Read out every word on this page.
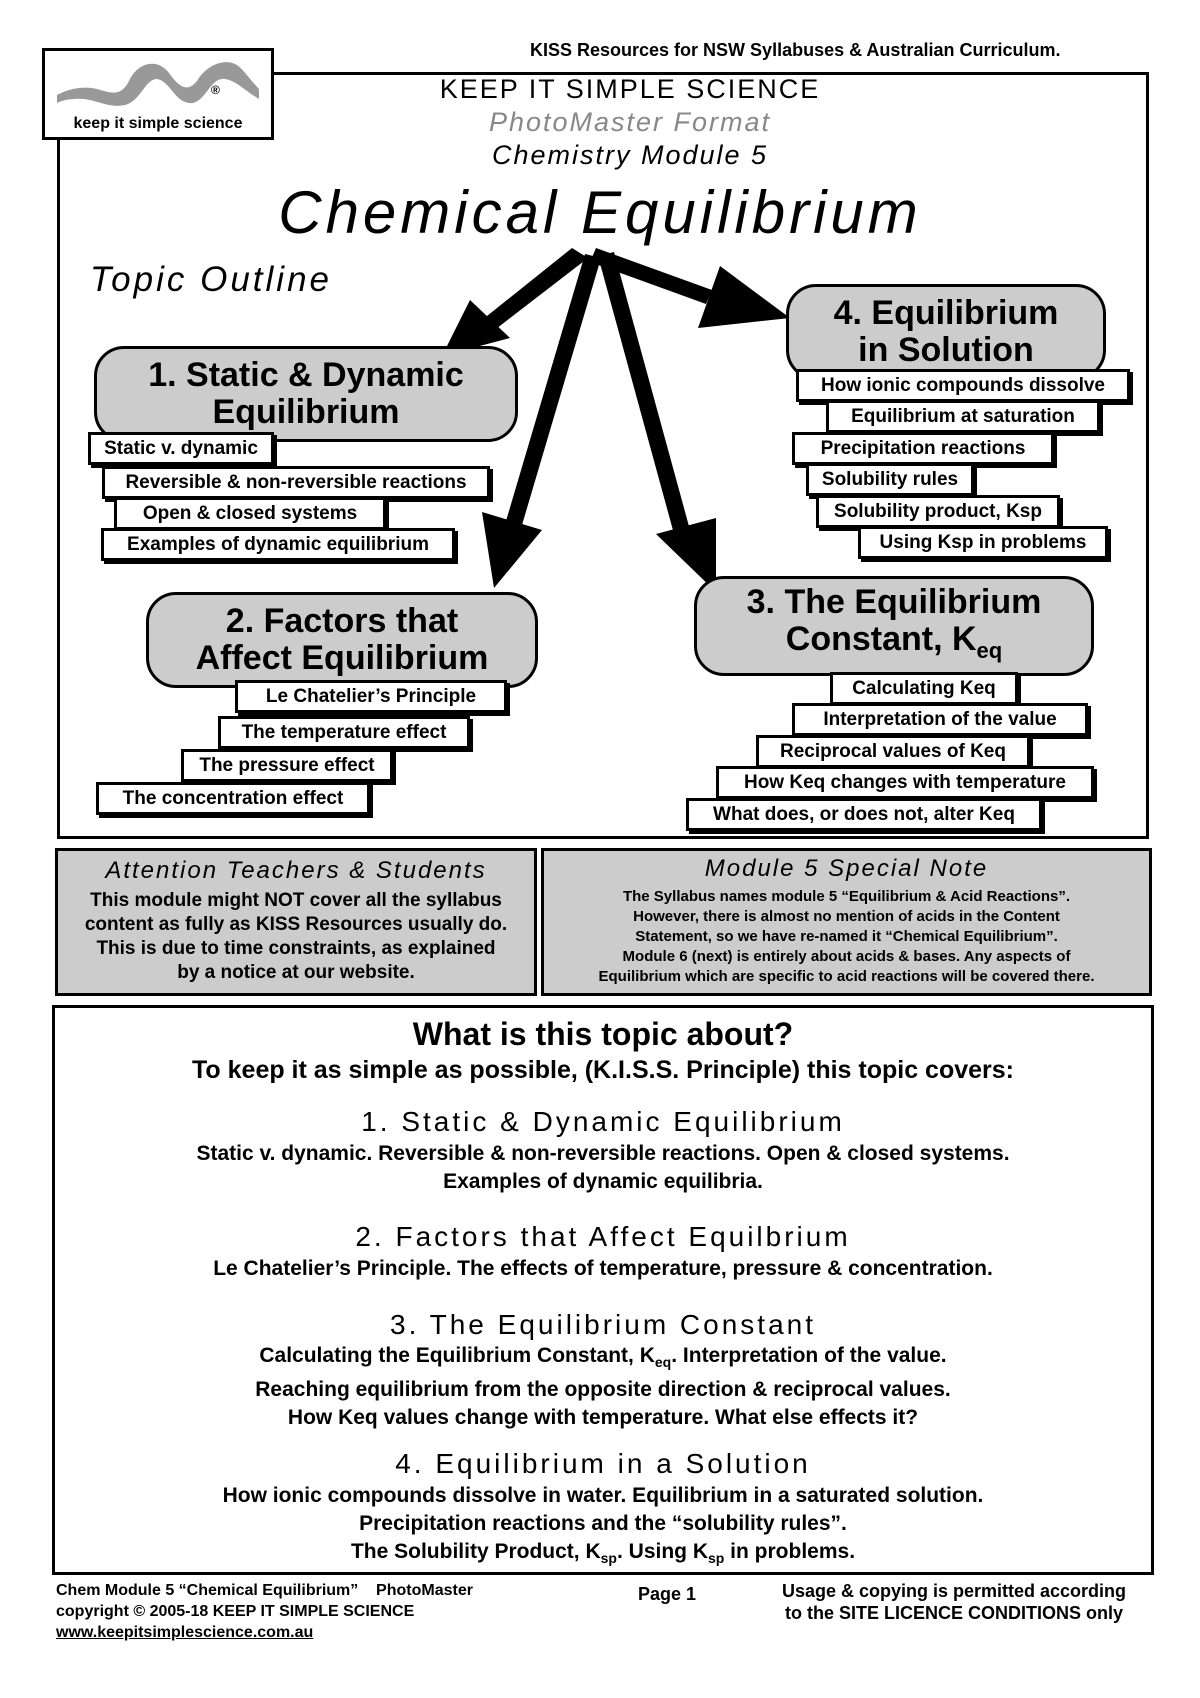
KISS Resources for NSW Syllabuses & Australian Curriculum.
®
keep it simple science
KEEP IT SIMPLE SCIENCE
PhotoMaster Format
Chemistry Module 5
Chemical Equilibrium
Topic Outline
1. Static & Dynamic
Equilibrium
Static v. dynamic
Reversible & non-reversible reactions
Open & closed systems
Examples of dynamic equilibrium
2. Factors that
Affect Equilibrium
Le Chatelier’s Principle
The temperature effect
The pressure effect
The concentration effect
3. The Equilibrium
Constant, $K_{eq}$
Calculating Keq
Interpretation of the value
Reciprocal values of Keq
How Keq changes with temperature
What does, or does not, alter Keq
4. Equilibrium
in Solution
How ionic compounds dissolve
Equilibrium at saturation
Precipitation reactions
Solubility rules
Solubility product, Ksp
Using Ksp in problems
Attention Teachers & Students
This module might NOT cover all the syllabus
content as fully as KISS Resources usually do.
This is due to time constraints, as explained
by a notice at our website.
Module 5 Special Note
The Syllabus names module 5 “Equilibrium & Acid Reactions”.
However, there is almost no mention of acids in the Content
Statement, so we have re-named it “Chemical Equilibrium”.
Module 6 (next) is entirely about acids & bases. Any aspects of
Equilibrium which are specific to acid reactions will be covered there.
What is this topic about?
To keep it as simple as possible, (K.I.S.S. Principle) this topic covers:
1. Static & Dynamic Equilibrium
Static v. dynamic. Reversible & non-reversible reactions. Open & closed systems.
Examples of dynamic equilibria.
2. Factors that Affect Equilbrium
Le Chatelier’s Principle. The effects of temperature, pressure & concentration.
3. The Equilibrium Constant
Calculating the Equilibrium Constant, $K_{eq}$. Interpretation of the value.
Reaching equilibrium from the opposite direction & reciprocal values.
How Keq values change with temperature. What else effects it?
4. Equilibrium in a Solution
How ionic compounds dissolve in water. Equilibrium in a saturated solution.
Precipitation reactions and the “solubility rules”.
The Solubility Product, $K_{sp}$. Using $K_{sp}$ in problems.
Chem Module 5 “Chemical Equilibrium”    PhotoMaster
copyright © 2005-18 KEEP IT SIMPLE SCIENCE
www.keepitsimplescience.com.au
Page 1	Usage & copying is permitted according
to the SITE LICENCE CONDITIONS only
